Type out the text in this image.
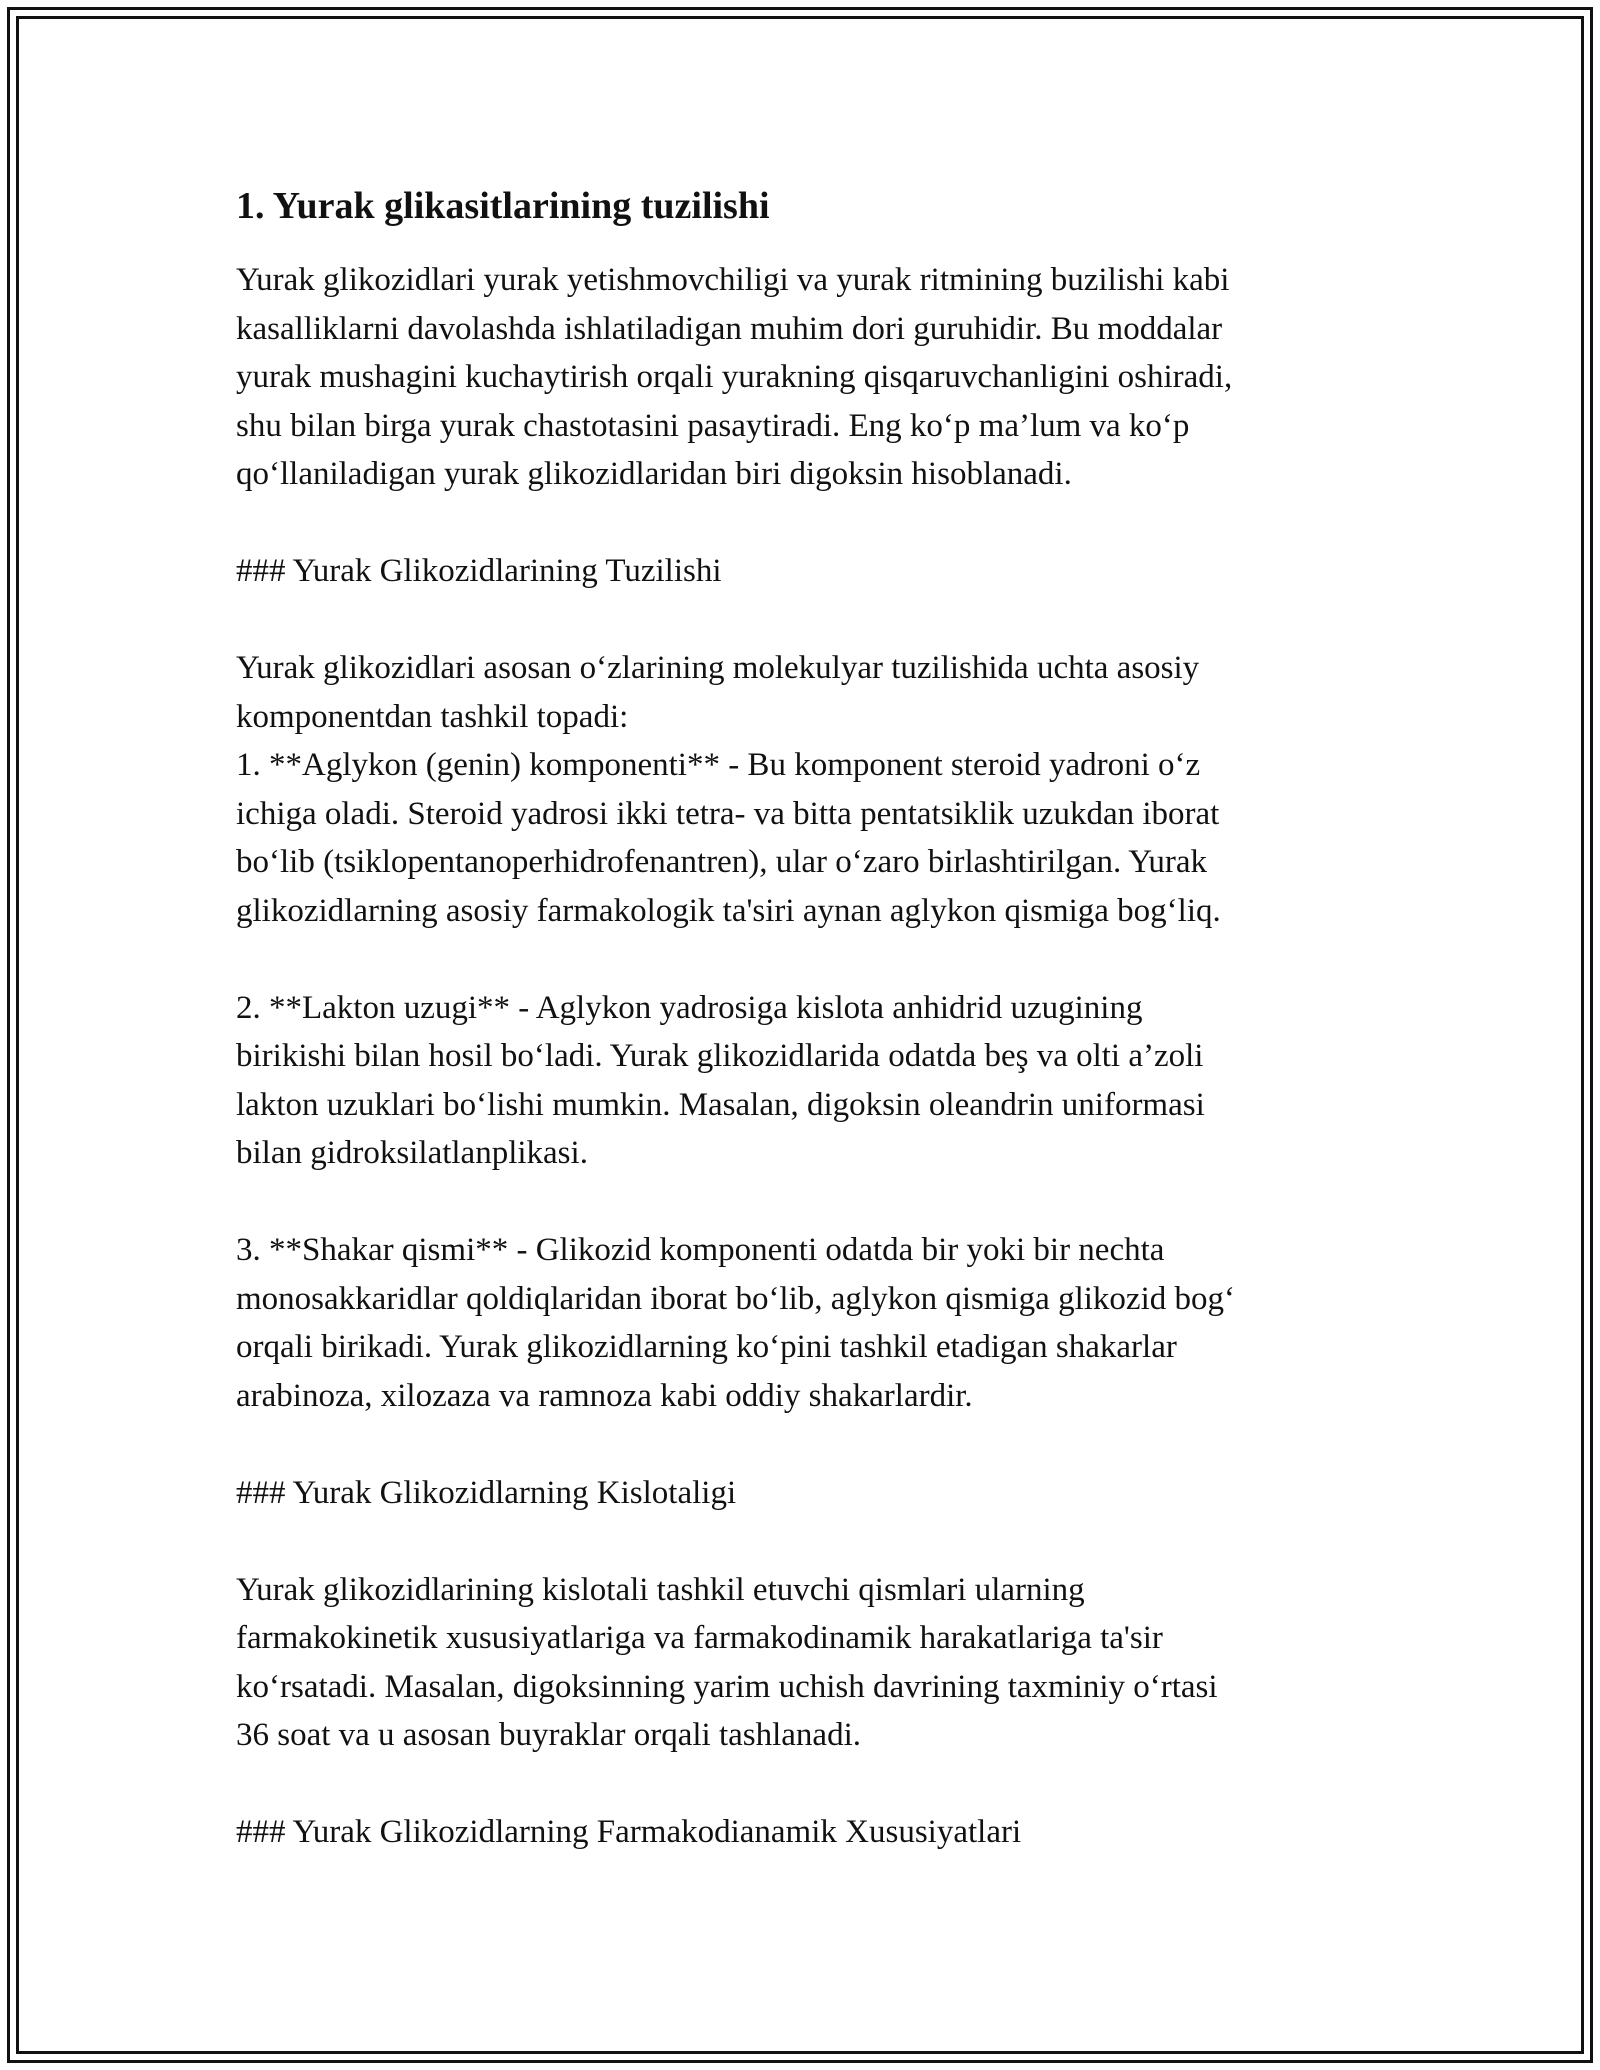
1. Yurak glikasitlarining tuzilishi

Yurak glikozidlari yurak yetishmovchiligi va yurak ritmining buzilishi kabi
kasalliklarni davolashda ishlatiladigan muhim dori guruhidir. Bu moddalar
yurak mushagini kuchaytirish orqali yurakning qisqaruvchanligini oshiradi,
shu bilan birga yurak chastotasini pasaytiradi. Eng ko‘p ma’lum va ko‘p
qo‘llaniladigan yurak glikozidlaridan biri digoksin hisoblanadi.

### Yurak Glikozidlarining Tuzilishi

Yurak glikozidlari asosan o‘zlarining molekulyar tuzilishida uchta asosiy
komponentdan tashkil topadi:

1. **Aglykon (genin) komponenti** - Bu komponent steroid yadroni o‘z
ichiga oladi. Steroid yadrosi ikki tetra- va bitta pentatsiklik uzukdan iborat
bo‘lib (tsiklopentanoperhidrofenantren), ular o‘zaro birlashtirilgan. Yurak
glikozidlarning asosiy farmakologik ta'siri aynan aglykon qismiga bog‘liq.

2. **Lakton uzugi** - Aglykon yadrosiga kislota anhidrid uzugining
birikishi bilan hosil bo‘ladi. Yurak glikozidlarida odatda beş va olti a’zoli
lakton uzuklari bo‘lishi mumkin. Masalan, digoksin oleandrin uniformasi
bilan gidroksilatlanplikasi.

3. **Shakar qismi** - Glikozid komponenti odatda bir yoki bir nechta
monosakkaridlar qoldiqlaridan iborat bo‘lib, aglykon qismiga glikozid bog‘
orqali birikadi. Yurak glikozidlarning ko‘pini tashkil etadigan shakarlar
arabinoza, xilozaza va ramnoza kabi oddiy shakarlardir.

### Yurak Glikozidlarning Kislotaligi

Yurak glikozidlarining kislotali tashkil etuvchi qismlari ularning
farmakokinetik xususiyatlariga va farmakodinamik harakatlariga ta'sir
ko‘rsatadi. Masalan, digoksinning yarim uchish davrining taxminiy o‘rtasi
36 soat va u asosan buyraklar orqali tashlanadi.

### Yurak Glikozidlarning Farmakodianamik Xususiyatlari
